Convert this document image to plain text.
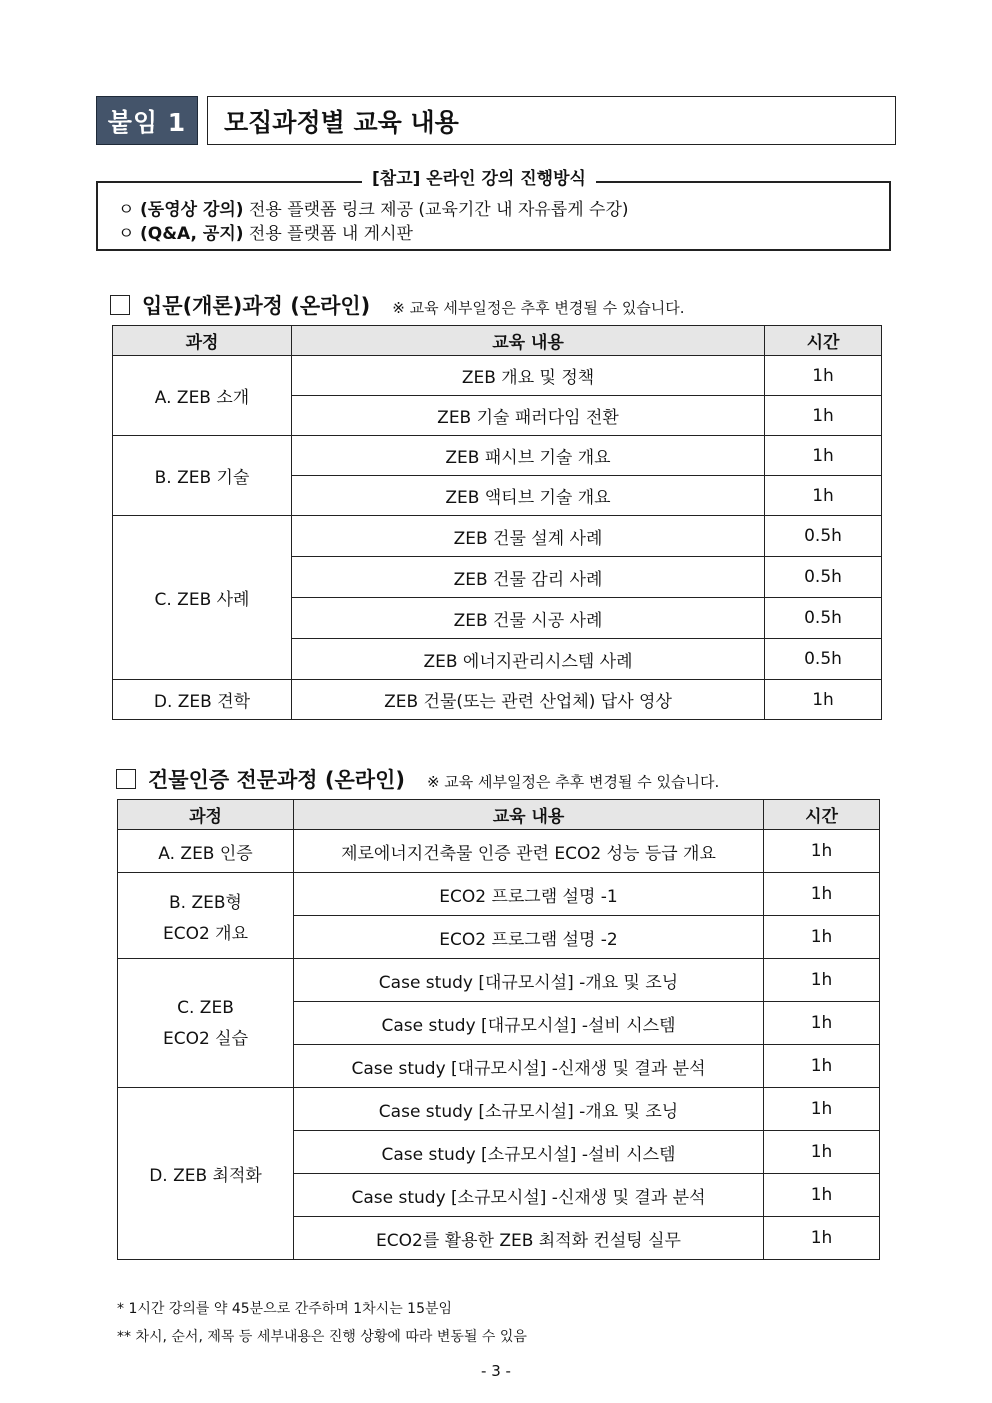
붙임 1	모집과정별 교육 내용
[참고] 온라인 강의 진행방식
ㅇ (동영상 강의) 전용 플랫폼 링크 제공 (교육기간 내 자유롭게 수강)
ㅇ (Q&A, 공지) 전용 플랫폼 내 게시판
입문(개론)과정 (온라인) ※ 교육 세부일정은 추후 변경될 수 있습니다.
과정	교육 내용	시간
A. ZEB 소개	ZEB 개요 및 정책	1h
	ZEB 기술 패러다임 전환	1h
B. ZEB 기술	ZEB 패시브 기술 개요	1h
	ZEB 액티브 기술 개요	1h
C. ZEB 사례	ZEB 건물 설계 사례	0.5h
	ZEB 건물 감리 사례	0.5h
	ZEB 건물 시공 사례	0.5h
	ZEB 에너지관리시스템 사례	0.5h
D. ZEB 견학	ZEB 건물(또는 관련 산업체) 답사 영상	1h
건물인증 전문과정 (온라인) ※ 교육 세부일정은 추후 변경될 수 있습니다.
과정	교육 내용	시간
A. ZEB 인증	제로에너지건축물 인증 관련 ECO2 성능 등급 개요	1h

B. ZEB형
ECO2 개요	ECO2 프로그램 설명 -1	1h
	ECO2 프로그램 설명 -2	1h

C. ZEB
ECO2 실습	Case study [대규모시설] -개요 및 조닝	1h
	Case study [대규모시설] -설비 시스템	1h
	Case study [대규모시설] -신재생 및 결과 분석	1h
D. ZEB 최적화	Case study [소규모시설] -개요 및 조닝	1h
	Case study [소규모시설] -설비 시스템	1h
	Case study [소규모시설] -신재생 및 결과 분석	1h
	ECO2를 활용한 ZEB 최적화 컨설팅 실무	1h
* 1시간 강의를 약 45분으로 간주하며 1차시는 15분임
** 차시, 순서, 제목 등 세부내용은 진행 상황에 따라 변동될 수 있음
- 3 -
